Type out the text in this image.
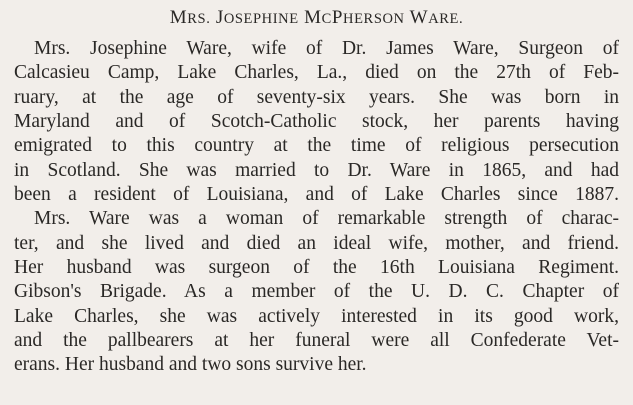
MRS. JOSEPHINE MCPHERSON WARE.
Mrs. Josephine Ware, wife of Dr. James Ware, Surgeon of
Calcasieu Camp, Lake Charles, La., died on the 27th of Feb-
ruary, at the age of seventy-six years. She was born in
Maryland and of Scotch-Catholic stock, her parents having
emigrated to this country at the time of religious persecution
in Scotland. She was married to Dr. Ware in 1865, and had
been a resident of Louisiana, and of Lake Charles since 1887.
Mrs. Ware was a woman of remarkable strength of charac-
ter, and she lived and died an ideal wife, mother, and friend.
Her husband was surgeon of the 16th Louisiana Regiment.
Gibson's Brigade. As a member of the U. D. C. Chapter of
Lake Charles, she was actively interested in its good work,
and the pallbearers at her funeral were all Confederate Vet-
erans. Her husband and two sons survive her.
